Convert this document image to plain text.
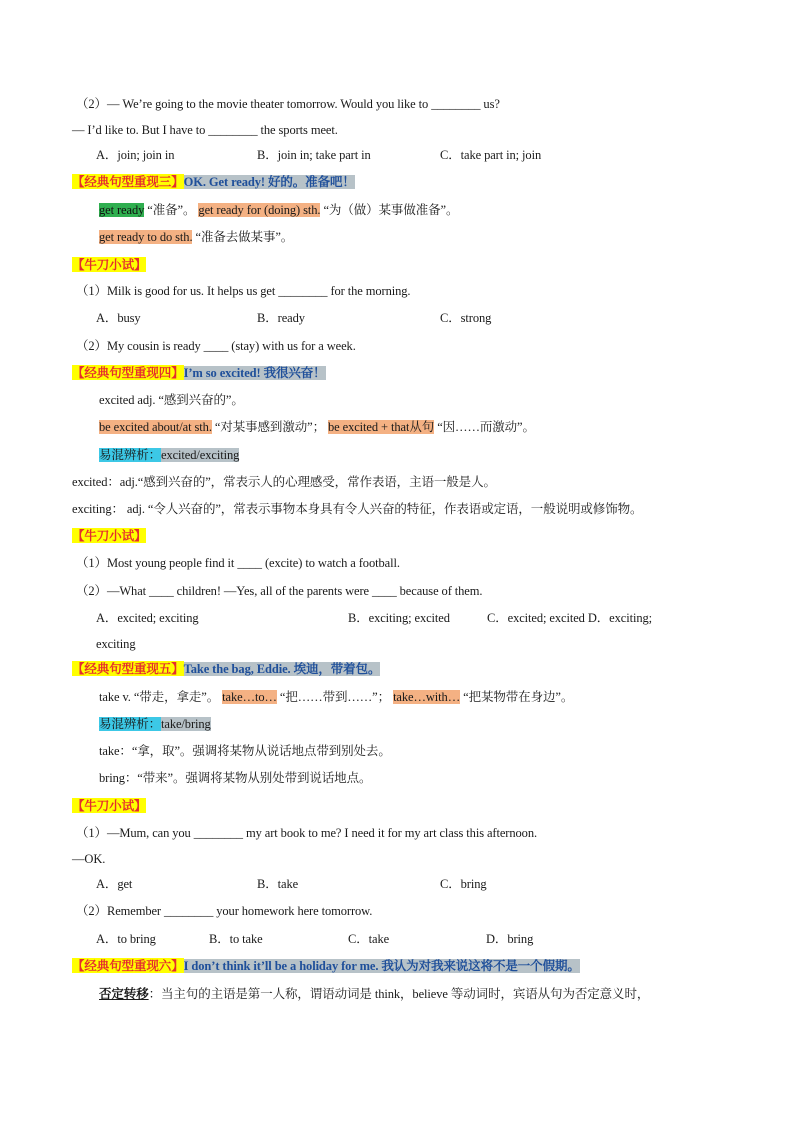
（2）— We’re going to the movie theater tomorrow. Would you like to ________ us?
— I’d like to. But I have to ________ the sports meet.
A．join; join in	B．join in; take part in	C．take part in; join
【经典句型重现三】OK. Get ready! 好的。准备吧！
get ready “准备”。 get ready for (doing) sth. “为（做）某事做准备”。
get ready to do sth. “准备去做某事”。
【牛刀小试】
（1）Milk is good for us. It helps us get ________ for the morning.
A．busy	B．ready	C．strong
（2）My cousin is ready ____ (stay) with us for a week.
【经典句型重现四】I’m so excited! 我很兴奋！
excited adj. “感到兴奋的”。
be excited about/at sth. “对某事感到激动”； be excited + that从句 “因……而激动”。
易混辨析：excited/exciting
excited：adj.“感到兴奋的”，常表示人的心理感受，常作表语，主语一般是人。
exciting： adj. “令人兴奋的”，常表示事物本身具有令人兴奋的特征，作表语或定语，一般说明或修饰物。
【牛刀小试】
（1）Most young people find it ____ (excite) to watch a football.
（2）—What ____ children! —Yes, all of the parents were ____ because of them.
A．excited; exciting	B．exciting; excited	C．excited; excited D．exciting;
exciting
【经典句型重现五】Take the bag, Eddie. 埃迪，带着包。
take v. “带走，拿走”。 take…to… “把……带到……”； take…with… “把某物带在身边”。
易混辨析：take/bring
take：“拿，取”。强调将某物从说话地点带到别处去。
bring：“带来”。强调将某物从别处带到说话地点。
【牛刀小试】
（1）—Mum, can you ________ my art book to me? I need it for my art class this afternoon.
—OK.
A．get	B．take	C．bring
（2）Remember ________ your homework here tomorrow.
A．to bring	B．to take	C．take	D．bring
【经典句型重现六】I don’t think it’ll be a holiday for me. 我认为对我来说这将不是一个假期。
否定转移：当主句的主语是第一人称，谓语动词是 think，believe 等动词时，宾语从句为否定意义时，
